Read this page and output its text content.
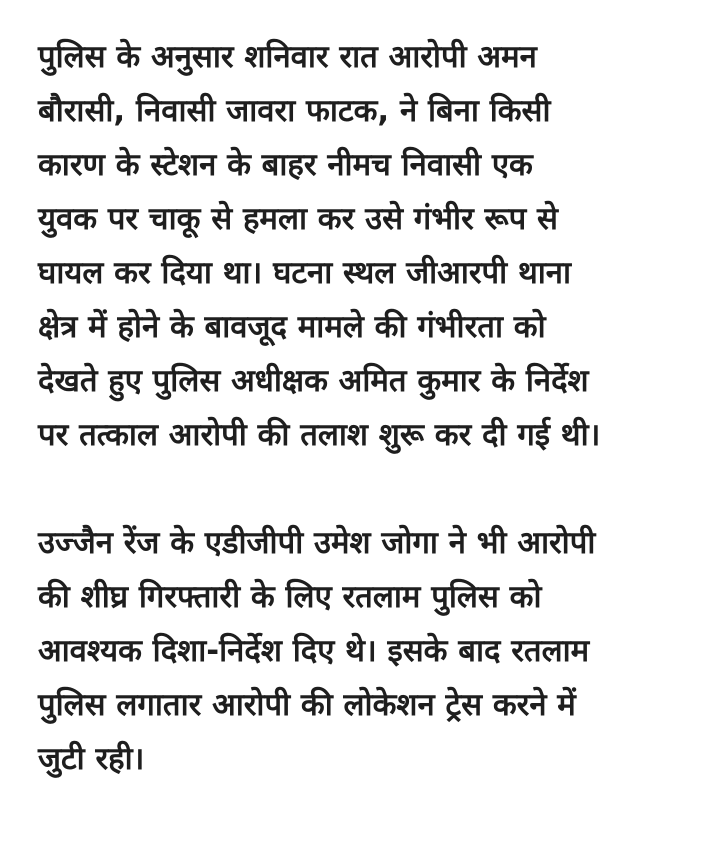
पुलिस के अनुसार शनिवार रात आरोपी अमन
बौरासी, निवासी जावरा फाटक, ने बिना किसी
कारण के स्टेशन के बाहर नीमच निवासी एक
युवक पर चाकू से हमला कर उसे गंभीर रूप से
घायल कर दिया था। घटना स्थल जीआरपी थाना
क्षेत्र में होने के बावजूद मामले की गंभीरता को
देखते हुए पुलिस अधीक्षक अमित कुमार के निर्देश
पर तत्काल आरोपी की तलाश शुरू कर दी गई थी।
उज्जैन रेंज के एडीजीपी उमेश जोगा ने भी आरोपी
की शीघ्र गिरफ्तारी के लिए रतलाम पुलिस को
आवश्यक दिशा-निर्देश दिए थे। इसके बाद रतलाम
पुलिस लगातार आरोपी की लोकेशन ट्रेस करने में
जुटी रही।
